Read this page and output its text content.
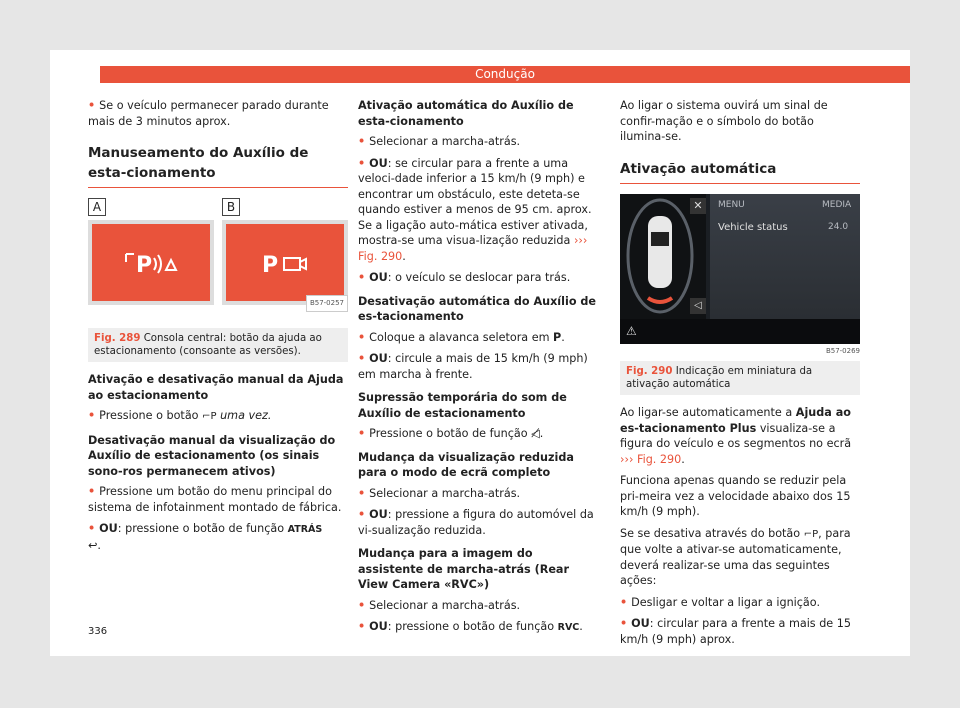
Condução

• Se o veículo permanecer parado durante mais de 3 minutos aprox.

Manuseamento do Auxílio de esta-cionamento
A	B
P	P
B57-0257
Fig. 289 Consola central: botão da ajuda ao estacionamento (consoante as versões).
Ativação e desativação manual da Ajuda ao estacionamento

• Pressione o botão ⌐P uma vez.

Desativação manual da visualização do Auxílio de estacionamento (os sinais sono-ros permanecem ativos)

• Pressione um botão do menu principal do sistema de infotainment montado de fábrica.

• OU: pressione o botão de função ATRÁS
↩.

Ativação automática do Auxílio de esta-cionamento

• Selecionar a marcha-atrás.

• OU: se circular para a frente a uma veloci-dade inferior a 15 km/h (9 mph) e encontrar um obstáculo, este deteta-se quando estiver a menos de 95 cm. aprox. Se a ligação auto-mática estiver ativada, mostra-se uma visua-lização reduzida ››› Fig. 290.

• OU: o veículo se deslocar para trás.

Desativação automática do Auxílio de es-tacionamento

• Coloque a alavanca seletora em P.

• OU: circule a mais de 15 km/h (9 mph) em marcha à frente.

Supressão temporária do som de Auxílio de estacionamento

• Pressione o botão de função ◁̸.

Mudança da visualização reduzida para o modo de ecrã completo

• Selecionar a marcha-atrás.

• OU: pressione a figura do automóvel da vi-sualização reduzida.

Mudança para a imagem do assistente de marcha-atrás (Rear View Camera «RVC»)

• Selecionar a marcha-atrás.

• OU: pressione o botão de função RVC.

Ao ligar o sistema ouvirá um sinal de confir-mação e o símbolo do botão ilumina-se.

Ativação automática
✕
◁
MENU	MEDIA
Vehicle status	24.0
⚠
B57-0269
Fig. 290 Indicação em miniatura da ativação automática

Ao ligar-se automaticamente a Ajuda ao es-tacionamento Plus visualiza-se a figura do veículo e os segmentos no ecrã ››› Fig. 290.

Funciona apenas quando se reduzir pela pri-meira vez a velocidade abaixo dos 15 km/h (9 mph).

Se se desativa através do botão ⌐P, para que volte a ativar-se automaticamente, deverá realizar-se uma das seguintes ações:

• Desligar e voltar a ligar a ignição.

• OU: circular para a frente a mais de 15 km/h (9 mph) aprox.

336
